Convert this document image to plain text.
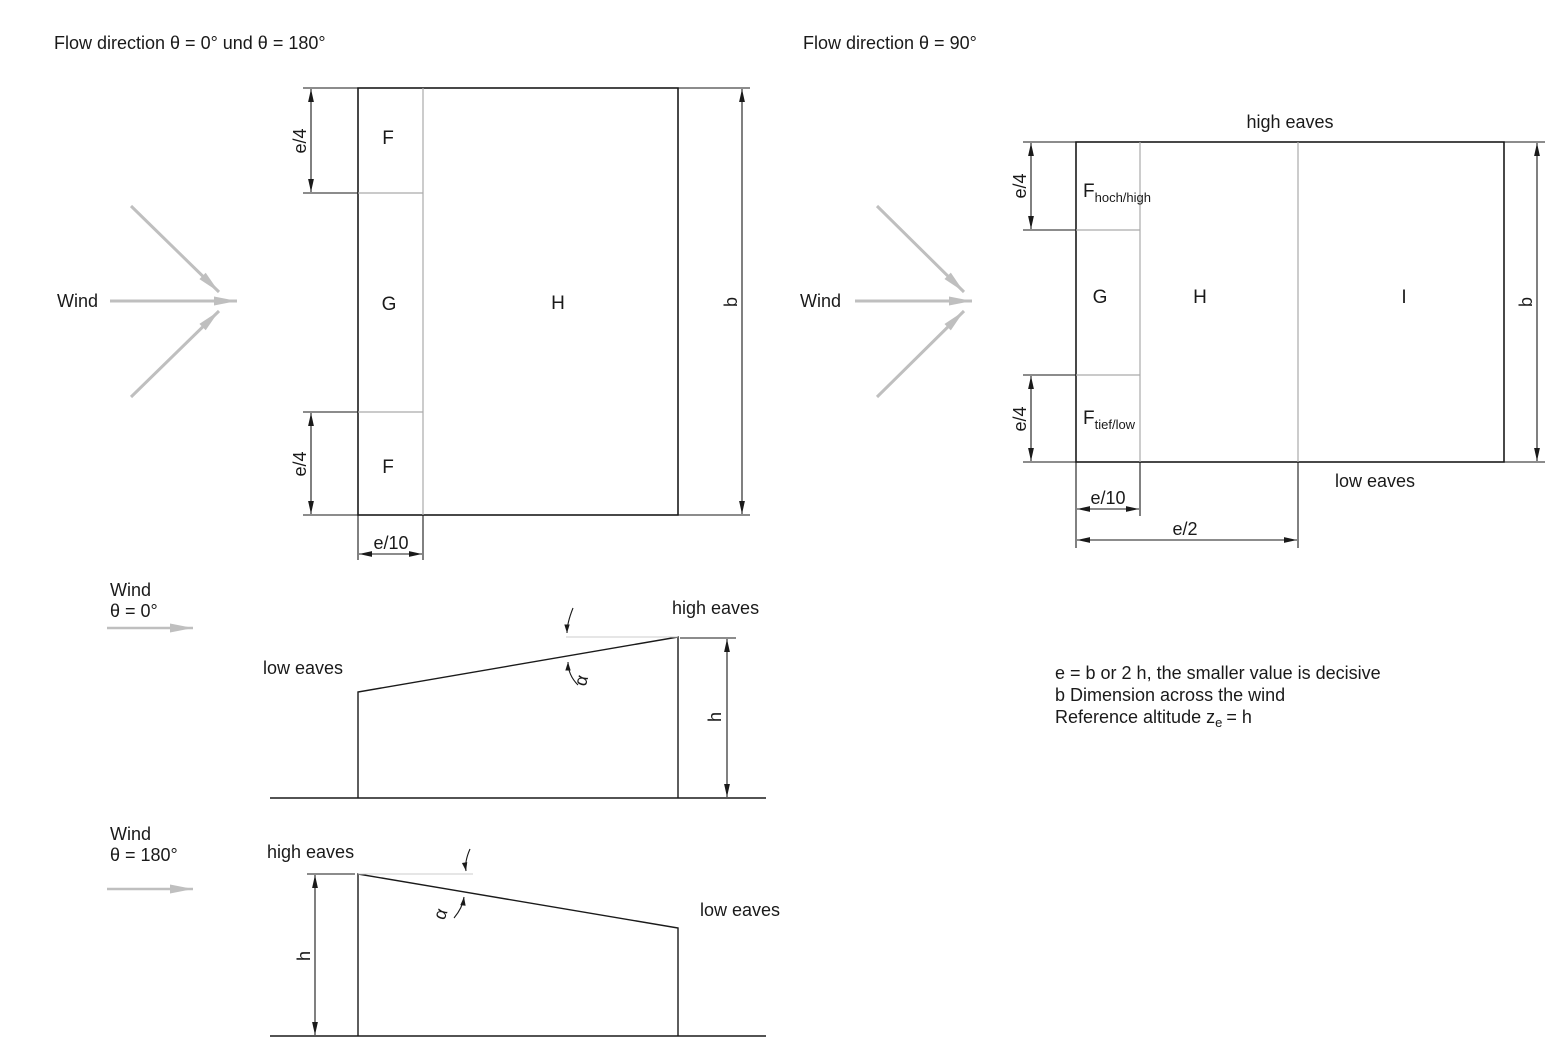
Flow direction θ = 0° und θ = 180°
Wind
F
G	H
F
e/4
e/4
b
e/10
Flow direction θ = 90°
Wind
high eaves
low eaves
$F_{hoch/high}$
G	H	I
$F_{tief/low}$
e/4
e/4
b
e/10
e/2
Wind
θ = 0°
low eaves
high eaves
α
h
Wind
θ = 180°	high eaves
low eaves
α
h
e = b or 2 h, the smaller value is decisive
b Dimension across the wind
Reference altitude $z_e = h$
